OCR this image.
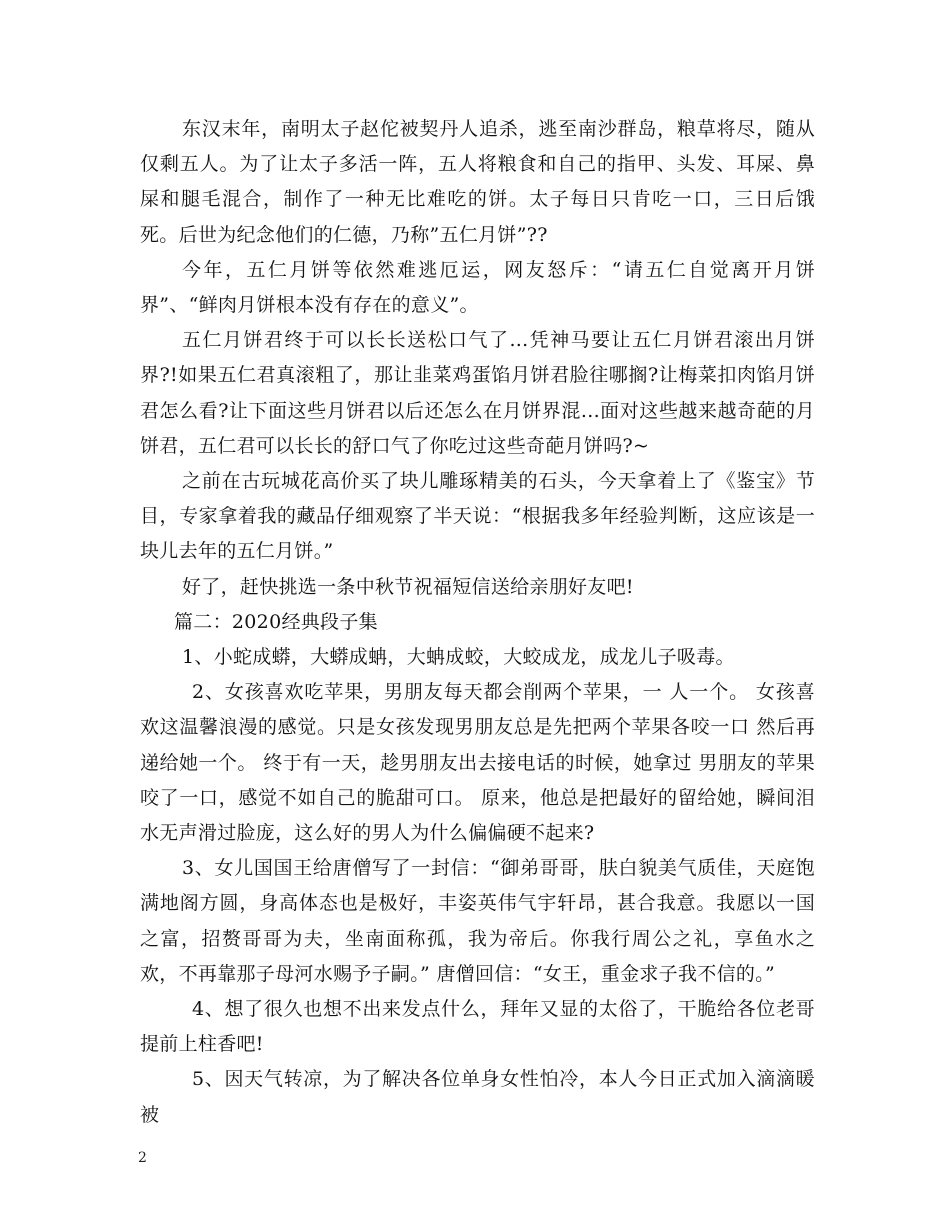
东汉末年，南明太子赵佗被契丹人追杀，逃至南沙群岛，粮草将尽，随从仅剩五人。为了让太子多活一阵，五人将粮食和自己的指甲、头发、耳屎、鼻屎和腿毛混合，制作了一种无比难吃的饼。太子每日只肯吃一口，三日后饿死。后世为纪念他们的仁德，乃称”五仁月饼”??

今年，五仁月饼等依然难逃厄运，网友怒斥：“请五仁自觉离开月饼界”、“鲜肉月饼根本没有存在的意义”。

五仁月饼君终于可以长长送松口气了...凭神马要让五仁月饼君滚出月饼界?!如果五仁君真滚粗了，那让韭菜鸡蛋馅月饼君脸往哪搁?让梅菜扣肉馅月饼君怎么看?让下面这些月饼君以后还怎么在月饼界混...面对这些越来越奇葩的月饼君，五仁君可以长长的舒口气了你吃过这些奇葩月饼吗?~

之前在古玩城花高价买了块儿雕琢精美的石头，今天拿着上了《鉴宝》节目，专家拿着我的藏品仔细观察了半天说：“根据我多年经验判断，这应该是一块儿去年的五仁月饼。”

好了，赶快挑选一条中秋节祝福短信送给亲朋好友吧!

篇二：2020经典段子集

1、小蛇成蟒，大蟒成蚺，大蚺成蛟，大蛟成龙，成龙儿子吸毒。

2、女孩喜欢吃苹果，男朋友每天都会削两个苹果，一 人一个。 女孩喜欢这温馨浪漫的感觉。只是女孩发现男朋友总是先把两个苹果各咬一口 然后再递给她一个。 终于有一天，趁男朋友出去接电话的时候，她拿过 男朋友的苹果咬了一口，感觉不如自己的脆甜可口。 原来，他总是把最好的留给她，瞬间泪水无声滑过脸庞，这么好的男人为什么偏偏硬不起来?

3、女儿国国王给唐僧写了一封信：“御弟哥哥，肤白貌美气质佳，天庭饱满地阁方圆，身高体态也是极好，丰姿英伟气宇轩昂，甚合我意。我愿以一国之富，招赘哥哥为夫，坐南面称孤，我为帝后。你我行周公之礼，享鱼水之欢，不再靠那子母河水赐予子嗣。” 唐僧回信：“女王，重金求子我不信的。”

4、想了很久也想不出来发点什么，拜年又显的太俗了，干脆给各位老哥提前上柱香吧!

5、因天气转凉，为了解决各位单身女性怕冷，本人今日正式加入滴滴暖被

2
